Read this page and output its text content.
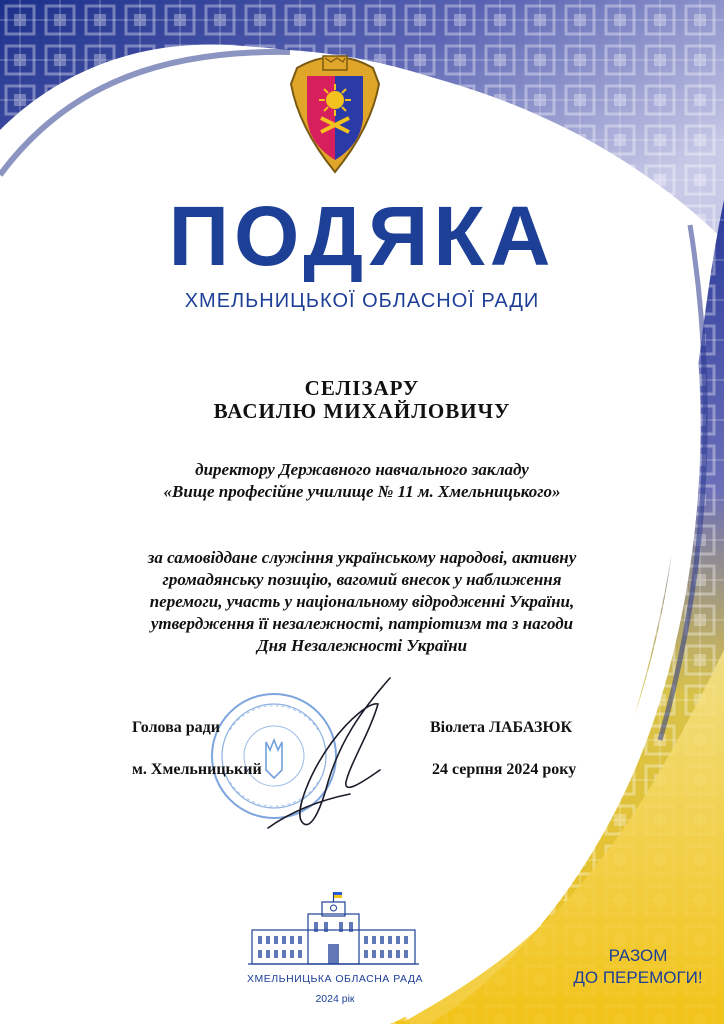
ПОДЯКА
ХМЕЛЬНИЦЬКОЇ ОБЛАСНОЇ РАДИ
СЕЛІЗАРУ
ВАСИЛЮ МИХАЙЛОВИЧУ
директору Державного навчального закладу
«Вище професійне училище № 11 м. Хмельницького»
за самовіддане служіння українському народові, активну
громадянську позицію, вагомий внесок у наближення
перемоги, участь у національному відродженні України,
утвердження її незалежності, патріотизм та з нагоди
Дня Незалежності України
Голова ради	Віолета ЛАБАЗЮК
м. Хмельницький	24 серпня 2024 року
ХМЕЛЬНИЦЬКА ОБЛАСНА РАДА
2024 рік
РАЗОМ
ДО ПЕРЕМОГИ!
